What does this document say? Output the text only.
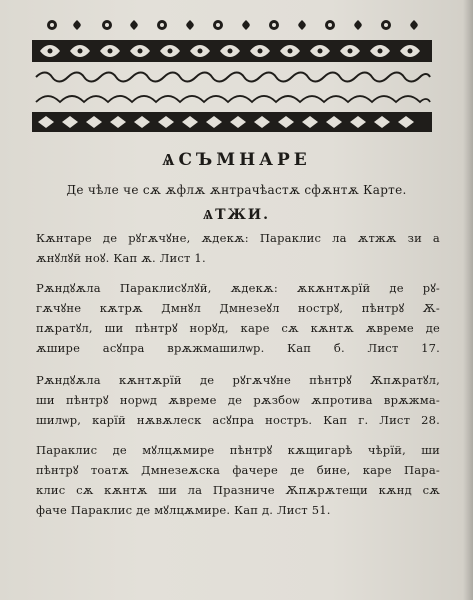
ѦСЪМНАРЕ
Де чѣле че сѫ ѫфлѫ ѫнтрачѣастѫ сфѫнтѫ Карте.
ѦТЖИ.
Кѫнтаре де рꙋгѫчꙋне, ѫдекѫ: Параклис ла ѫтжѫ зи а
ѫнꙋлꙋй ноꙋ. Кап ѫ. Лист 1.
Рѫндꙋѫла Параклисꙋлꙋй, ѫдекѫ: ѫкѫнтѫрїй де рꙋ-
гѫчꙋне кѫтрѫ Дмнꙋл Дмнезеꙋл нострꙋ, пѣнтрꙋ Ѫ-
пѫратꙋл, ши пѣнтрꙋ норꙋд, каре сѫ кѫнтѫ ѫвреме де
ѫшире асꙋпра врѫжмашилѡр. Кап б. Лист 17.
Рѫндꙋѫла кѫнтѫрїй де рꙋгѫчꙋне пѣнтрꙋ Ѫпѫратꙋл,
ши пѣнтрꙋ норѡд ѫвреме де рѫзбоѡ ѫпротива врѫжма-
шилѡр, карїй нѫвѫлеск асꙋпра ностръ. Кап г. Лист 28.
Параклис де мꙋлцѫмире пѣнтрꙋ кѫщигарѣ чѣрїй, ши
пѣнтрꙋ тоатѫ Дмнезеѫска фачере де бине, каре Пара-
клис сѫ кѫнтѫ ши ла Празниче Ѫпѫрѫтещи кѫнд сѫ
фаче Параклис де мꙋлцѫмире. Кап д. Лист 51.
